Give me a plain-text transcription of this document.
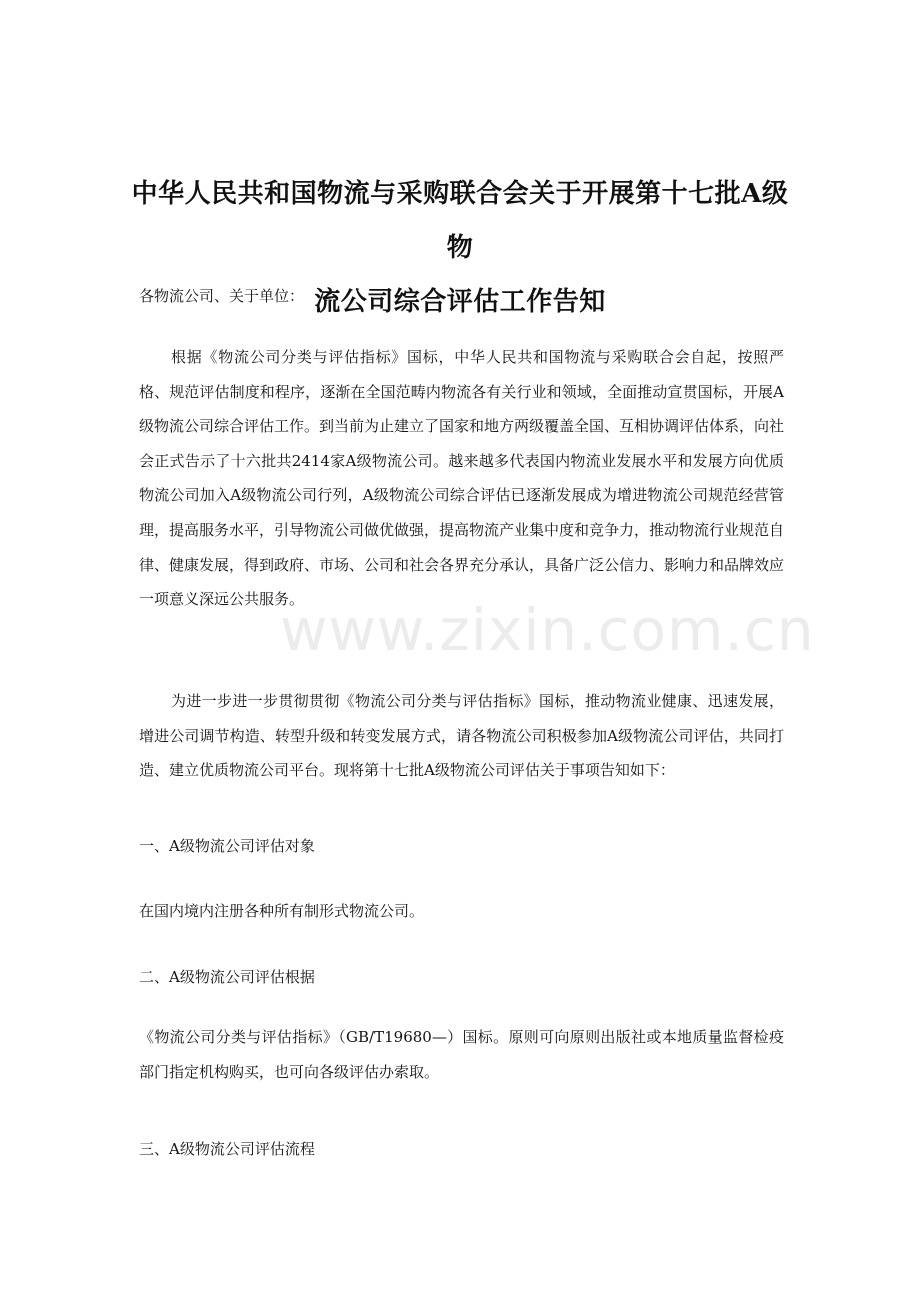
中华人民共和国物流与采购联合会关于开展第十七批A级物
流公司综合评估工作告知

各物流公司、关于单位：

根据《物流公司分类与评估指标》国标，中华人民共和国物流与采购联合会自起，按照严格、规范评估制度和程序，逐渐在全国范畴内物流各有关行业和领域，全面推动宣贯国标，开展A级物流公司综合评估工作。到当前为止建立了国家和地方两级覆盖全国、互相协调评估体系，向社会正式告示了十六批共2414家A级物流公司。越来越多代表国内物流业发展水平和发展方向优质物流公司加入A级物流公司行列，A级物流公司综合评估已逐渐发展成为增进物流公司规范经营管理，提高服务水平，引导物流公司做优做强，提高物流产业集中度和竞争力，推动物流行业规范自律、健康发展，得到政府、市场、公司和社会各界充分承认，具备广泛公信力、影响力和品牌效应一项意义深远公共服务。

为进一步进一步贯彻贯彻《物流公司分类与评估指标》国标，推动物流业健康、迅速发展，增进公司调节构造、转型升级和转变发展方式，请各物流公司积极参加A级物流公司评估，共同打造、建立优质物流公司平台。现将第十七批A级物流公司评估关于事项告知如下：

一、A级物流公司评估对象

在国内境内注册各种所有制形式物流公司。

二、A级物流公司评估根据

《物流公司分类与评估指标》（GB/T19680—）国标。原则可向原则出版社或本地质量监督检疫部门指定机构购买，也可向各级评估办索取。

三、A级物流公司评估流程

www.zixin.com.cn
